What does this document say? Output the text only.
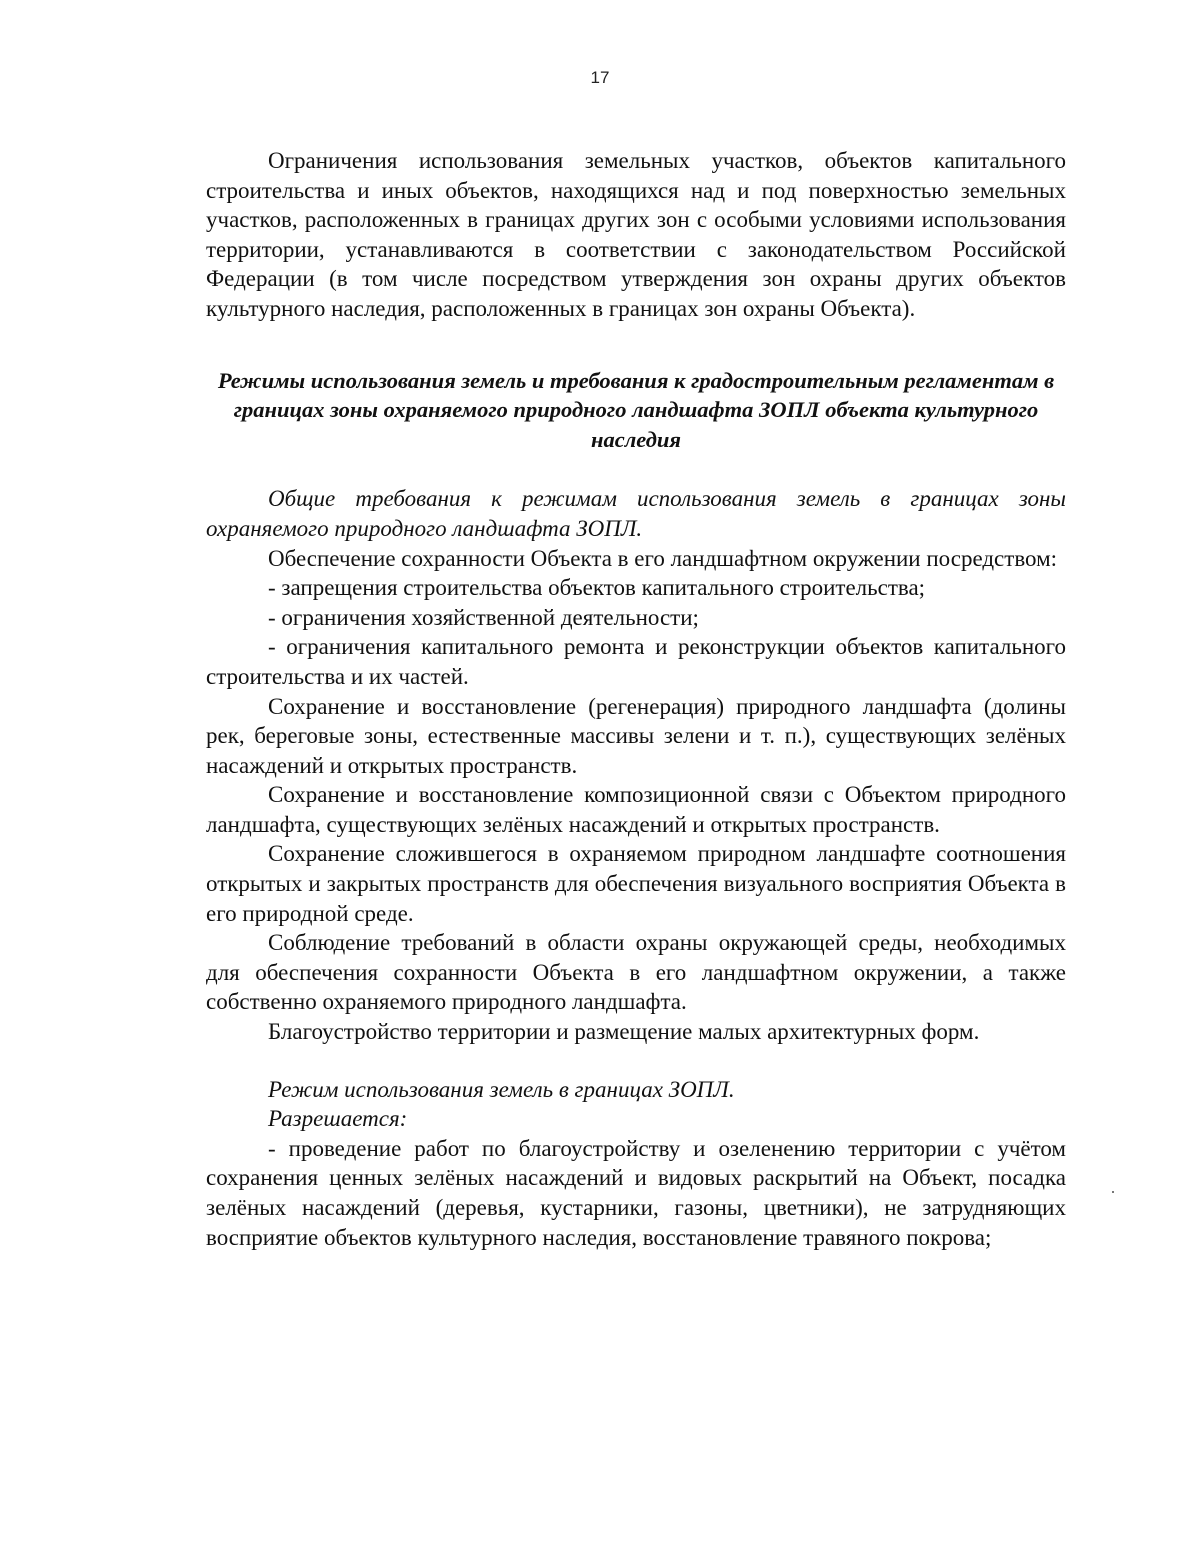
17

Ограничения использования земельных участков, объектов капитального строительства и иных объектов, находящихся над и под поверхностью земельных участков, расположенных в границах других зон с особыми условиями использования территории, устанавливаются в соответствии с законодательством Российской Федерации (в том числе посредством утверждения зон охраны других объектов культурного наследия, расположенных в границах зон охраны Объекта).

Режимы использования земель и требования к градостроительным регламентам в границах зоны охраняемого природного ландшафта ЗОПЛ объекта культурного наследия

Общие требования к режимам использования земель в границах зоны охраняемого природного ландшафта ЗОПЛ.

Обеспечение сохранности Объекта в его ландшафтном окружении посредством:

- запрещения строительства объектов капитального строительства;

- ограничения хозяйственной деятельности;

- ограничения капитального ремонта и реконструкции объектов капитального строительства и их частей.

Сохранение и восстановление (регенерация) природного ландшафта (долины рек, береговые зоны, естественные массивы зелени и т. п.), существующих зелёных насаждений и открытых пространств.

Сохранение и восстановление композиционной связи с Объектом природного ландшафта, существующих зелёных насаждений и открытых пространств.

Сохранение сложившегося в охраняемом природном ландшафте соотношения открытых и закрытых пространств для обеспечения визуального восприятия Объекта в его природной среде.

Соблюдение требований в области охраны окружающей среды, необходимых для обеспечения сохранности Объекта в его ландшафтном окружении, а также собственно охраняемого природного ландшафта.

Благоустройство территории и размещение малых архитектурных форм.

Режим использования земель в границах ЗОПЛ.

Разрешается:

- проведение работ по благоустройству и озеленению территории с учётом сохранения ценных зелёных насаждений и видовых раскрытий на Объект, посадка зелёных насаждений (деревья, кустарники, газоны, цветники), не затрудняющих восприятие объектов культурного наследия, восстановление травяного покрова;
